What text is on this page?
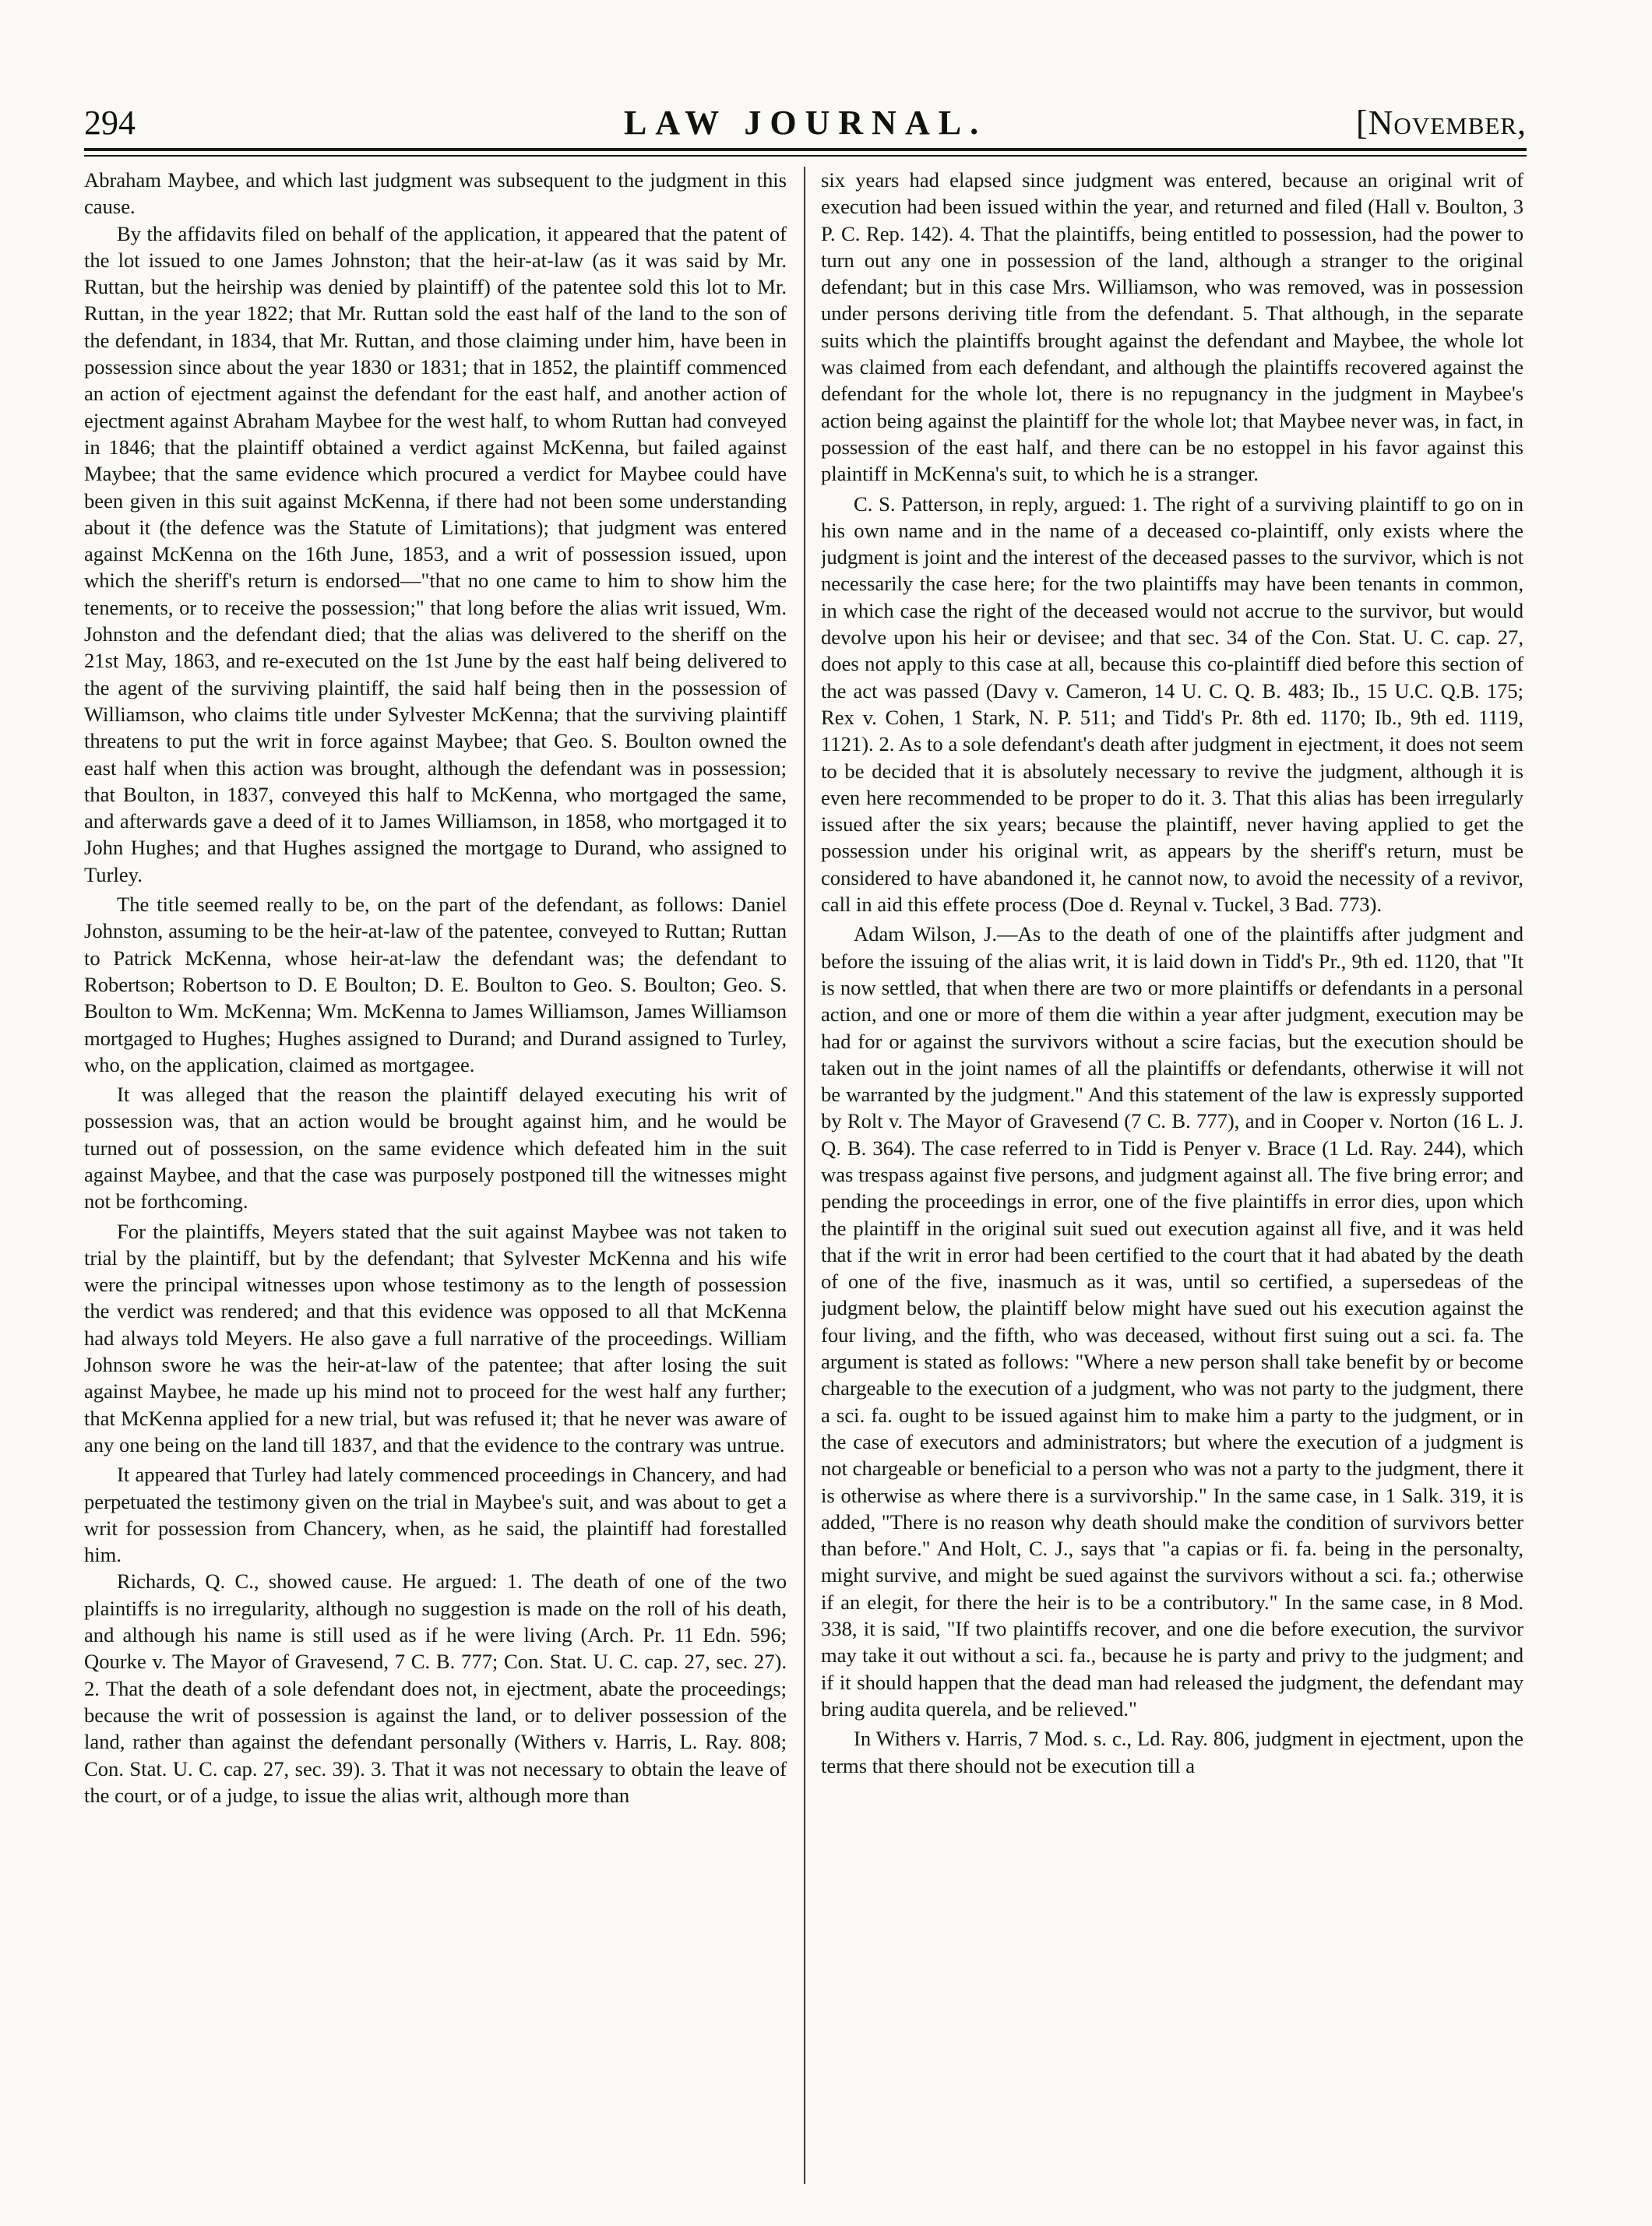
294	LAW JOURNAL.	[November,

Abraham Maybee, and which last judgment was subsequent to the judgment in this cause.

By the affidavits filed on behalf of the application, it appeared that the patent of the lot issued to one James Johnston; that the heir-at-law (as it was said by Mr. Ruttan, but the heirship was denied by plaintiff) of the patentee sold this lot to Mr. Ruttan, in the year 1822; that Mr. Ruttan sold the east half of the land to the son of the defendant, in 1834, that Mr. Ruttan, and those claiming under him, have been in possession since about the year 1830 or 1831; that in 1852, the plaintiff commenced an action of ejectment against the defendant for the east half, and another action of ejectment against Abraham Maybee for the west half, to whom Ruttan had conveyed in 1846; that the plaintiff obtained a verdict against McKenna, but failed against Maybee; that the same evidence which procured a verdict for Maybee could have been given in this suit against McKenna, if there had not been some understanding about it (the defence was the Statute of Limitations); that judgment was entered against McKenna on the 16th June, 1853, and a writ of possession issued, upon which the sheriff's return is endorsed—"that no one came to him to show him the tenements, or to receive the possession;" that long before the alias writ issued, Wm. Johnston and the defendant died; that the alias was delivered to the sheriff on the 21st May, 1863, and re-executed on the 1st June by the east half being delivered to the agent of the surviving plaintiff, the said half being then in the possession of Williamson, who claims title under Sylvester McKenna; that the surviving plaintiff threatens to put the writ in force against Maybee; that Geo. S. Boulton owned the east half when this action was brought, although the defendant was in possession; that Boulton, in 1837, conveyed this half to McKenna, who mortgaged the same, and afterwards gave a deed of it to James Williamson, in 1858, who mortgaged it to John Hughes; and that Hughes assigned the mortgage to Durand, who assigned to Turley.

The title seemed really to be, on the part of the defendant, as follows: Daniel Johnston, assuming to be the heir-at-law of the patentee, conveyed to Ruttan; Ruttan to Patrick McKenna, whose heir-at-law the defendant was; the defendant to Robertson; Robertson to D. E Boulton; D. E. Boulton to Geo. S. Boulton; Geo. S. Boulton to Wm. McKenna; Wm. McKenna to James Williamson, James Williamson mortgaged to Hughes; Hughes assigned to Durand; and Durand assigned to Turley, who, on the application, claimed as mortgagee.

It was alleged that the reason the plaintiff delayed executing his writ of possession was, that an action would be brought against him, and he would be turned out of possession, on the same evidence which defeated him in the suit against Maybee, and that the case was purposely postponed till the witnesses might not be forthcoming.

For the plaintiffs, Meyers stated that the suit against Maybee was not taken to trial by the plaintiff, but by the defendant; that Sylvester McKenna and his wife were the principal witnesses upon whose testimony as to the length of possession the verdict was rendered; and that this evidence was opposed to all that McKenna had always told Meyers. He also gave a full narrative of the proceedings. William Johnson swore he was the heir-at-law of the patentee; that after losing the suit against Maybee, he made up his mind not to proceed for the west half any further; that McKenna applied for a new trial, but was refused it; that he never was aware of any one being on the land till 1837, and that the evidence to the contrary was untrue.

It appeared that Turley had lately commenced proceedings in Chancery, and had perpetuated the testimony given on the trial in Maybee's suit, and was about to get a writ for possession from Chancery, when, as he said, the plaintiff had forestalled him.

Richards, Q. C., showed cause. He argued: 1. The death of one of the two plaintiffs is no irregularity, although no suggestion is made on the roll of his death, and although his name is still used as if he were living (Arch. Pr. 11 Edn. 596; Qourke v. The Mayor of Gravesend, 7 C. B. 777; Con. Stat. U. C. cap. 27, sec. 27). 2. That the death of a sole defendant does not, in ejectment, abate the proceedings; because the writ of possession is against the land, or to deliver possession of the land, rather than against the defendant personally (Withers v. Harris, L. Ray. 808; Con. Stat. U. C. cap. 27, sec. 39). 3. That it was not necessary to obtain the leave of the court, or of a judge, to issue the alias writ, although more than

six years had elapsed since judgment was entered, because an original writ of execution had been issued within the year, and returned and filed (Hall v. Boulton, 3 P. C. Rep. 142). 4. That the plaintiffs, being entitled to possession, had the power to turn out any one in possession of the land, although a stranger to the original defendant; but in this case Mrs. Williamson, who was removed, was in possession under persons deriving title from the defendant. 5. That although, in the separate suits which the plaintiffs brought against the defendant and Maybee, the whole lot was claimed from each defendant, and although the plaintiffs recovered against the defendant for the whole lot, there is no repugnancy in the judgment in Maybee's action being against the plaintiff for the whole lot; that Maybee never was, in fact, in possession of the east half, and there can be no estoppel in his favor against this plaintiff in McKenna's suit, to which he is a stranger.

C. S. Patterson, in reply, argued: 1. The right of a surviving plaintiff to go on in his own name and in the name of a deceased co-plaintiff, only exists where the judgment is joint and the interest of the deceased passes to the survivor, which is not necessarily the case here; for the two plaintiffs may have been tenants in common, in which case the right of the deceased would not accrue to the survivor, but would devolve upon his heir or devisee; and that sec. 34 of the Con. Stat. U. C. cap. 27, does not apply to this case at all, because this co-plaintiff died before this section of the act was passed (Davy v. Cameron, 14 U. C. Q. B. 483; Ib., 15 U.C. Q.B. 175; Rex v. Cohen, 1 Stark, N. P. 511; and Tidd's Pr. 8th ed. 1170; Ib., 9th ed. 1119, 1121). 2. As to a sole defendant's death after judgment in ejectment, it does not seem to be decided that it is absolutely necessary to revive the judgment, although it is even here recommended to be proper to do it. 3. That this alias has been irregularly issued after the six years; because the plaintiff, never having applied to get the possession under his original writ, as appears by the sheriff's return, must be considered to have abandoned it, he cannot now, to avoid the necessity of a revivor, call in aid this effete process (Doe d. Reynal v. Tuckel, 3 Bad. 773).

Adam Wilson, J.—As to the death of one of the plaintiffs after judgment and before the issuing of the alias writ, it is laid down in Tidd's Pr., 9th ed. 1120, that "It is now settled, that when there are two or more plaintiffs or defendants in a personal action, and one or more of them die within a year after judgment, execution may be had for or against the survivors without a scire facias, but the execution should be taken out in the joint names of all the plaintiffs or defendants, otherwise it will not be warranted by the judgment." And this statement of the law is expressly supported by Rolt v. The Mayor of Gravesend (7 C. B. 777), and in Cooper v. Norton (16 L. J. Q. B. 364). The case referred to in Tidd is Penyer v. Brace (1 Ld. Ray. 244), which was trespass against five persons, and judgment against all. The five bring error; and pending the proceedings in error, one of the five plaintiffs in error dies, upon which the plaintiff in the original suit sued out execution against all five, and it was held that if the writ in error had been certified to the court that it had abated by the death of one of the five, inasmuch as it was, until so certified, a supersedeas of the judgment below, the plaintiff below might have sued out his execution against the four living, and the fifth, who was deceased, without first suing out a sci. fa. The argument is stated as follows: "Where a new person shall take benefit by or become chargeable to the execution of a judgment, who was not party to the judgment, there a sci. fa. ought to be issued against him to make him a party to the judgment, or in the case of executors and administrators; but where the execution of a judgment is not chargeable or beneficial to a person who was not a party to the judgment, there it is otherwise as where there is a survivorship." In the same case, in 1 Salk. 319, it is added, "There is no reason why death should make the condition of survivors better than before." And Holt, C. J., says that "a capias or fi. fa. being in the personalty, might survive, and might be sued against the survivors without a sci. fa.; otherwise if an elegit, for there the heir is to be a contributory." In the same case, in 8 Mod. 338, it is said, "If two plaintiffs recover, and one die before execution, the survivor may take it out without a sci. fa., because he is party and privy to the judgment; and if it should happen that the dead man had released the judgment, the defendant may bring audita querela, and be relieved."

In Withers v. Harris, 7 Mod. s. c., Ld. Ray. 806, judgment in ejectment, upon the terms that there should not be execution till a
